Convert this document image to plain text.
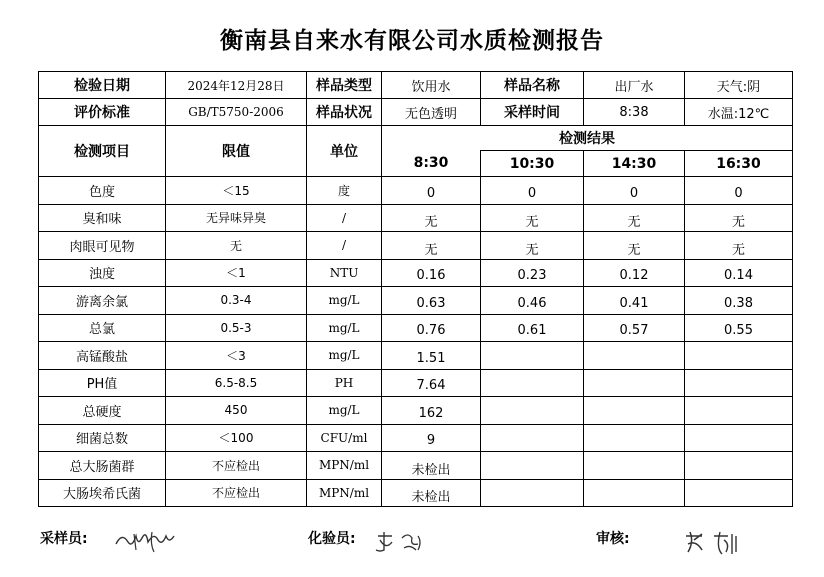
衡南县自来水有限公司水质检测报告
检验日期	2024年12月28日	样品类型	饮用水	样品名称	出厂水	天气:阴
评价标准	GB/T5750-2006	样品状况	无色透明	采样时间	8:38	水温:12℃
检测项目	限值	单位	检测结果			
			8:30	10:30	14:30	16:30
色度	＜15	度	0	0	0	0
臭和味	无异味异臭	/	无	无	无	无
肉眼可见物	无	/	无	无	无	无
浊度	＜1	NTU	0.16	0.23	0.12	0.14
游离余氯	0.3-4	mg/L	0.63	0.46	0.41	0.38
总氯	0.5-3	mg/L	0.76	0.61	0.57	0.55
高锰酸盐	＜3	mg/L	1.51			
PH值	6.5-8.5	PH	7.64			
总硬度	450	mg/L	162			
细菌总数	＜100	CFU/ml	9			
总大肠菌群	不应检出	MPN/ml	未检出			
大肠埃希氏菌	不应检出	MPN/ml	未检出			
采样员:	化验员:	审核:
